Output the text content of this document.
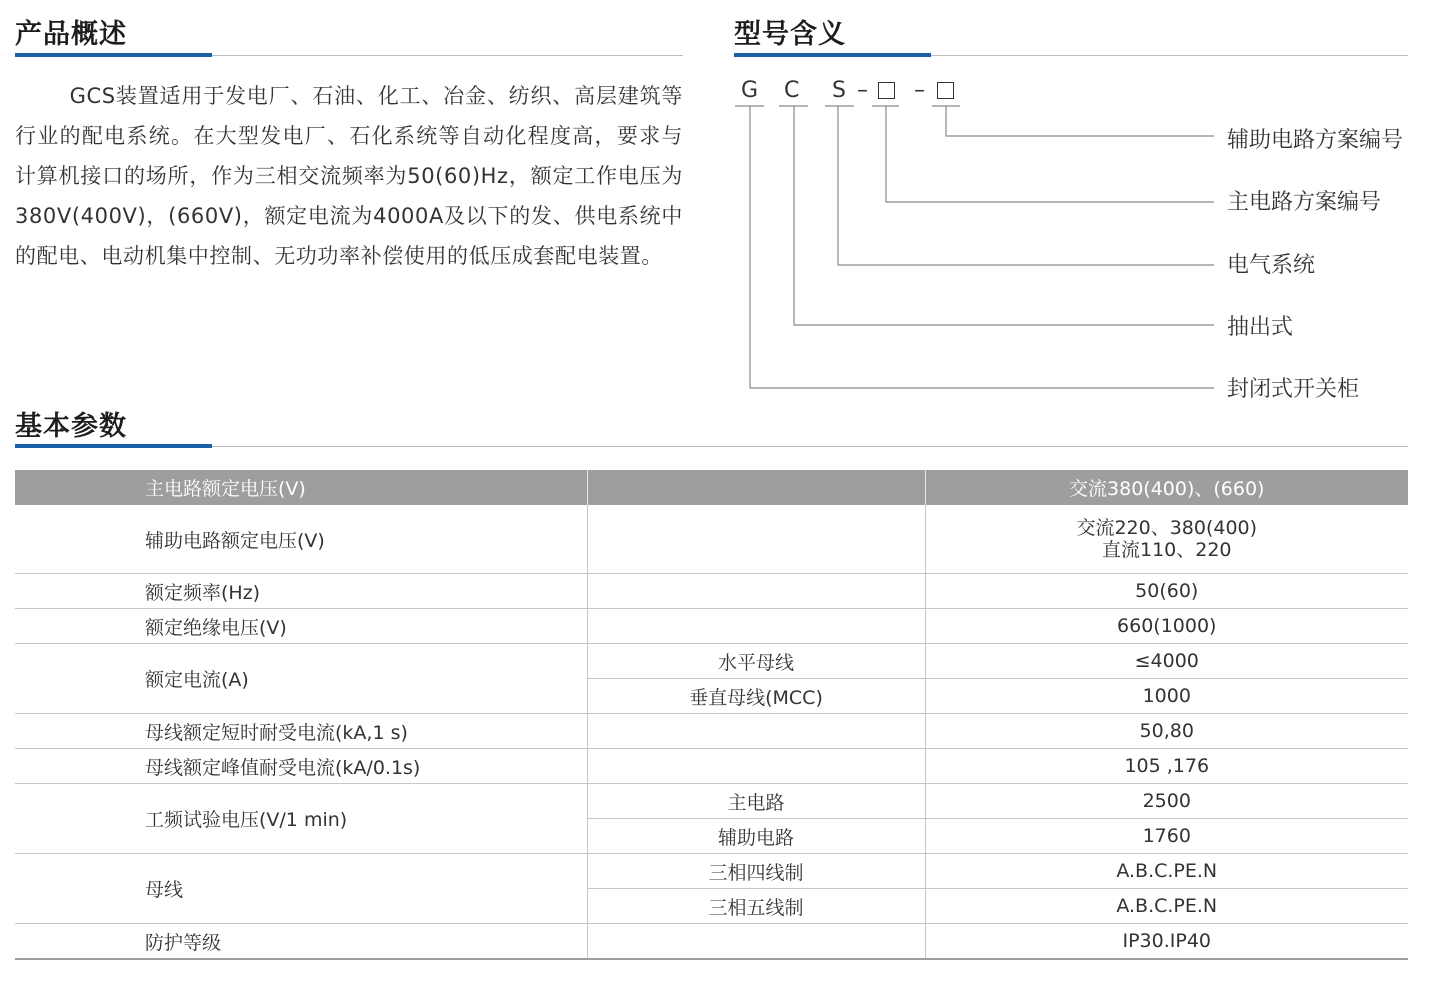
产品概述

GCS装置适用于发电厂、石油、化工、冶金、纺织、高层建筑等行业的配电系统。在大型发电厂、石化系统等自动化程度高，要求与计算机接口的场所，作为三相交流频率为50(60)Hz，额定工作电压为380V(400V)，(660V)，额定电流为4000A及以下的发、供电系统中的配电、电动机集中控制、无功功率补偿使用的低压成套配电装置。

型号含义
G C S – –
辅助电路方案编号
主电路方案编号
电气系统
抽出式
封闭式开关柜
基本参数
主电路额定电压(V)		交流380(400)、(660)
辅助电路额定电压(V)		交流220、380(400)
直流110、220

额定频率(Hz)		50(60)
额定绝缘电压(V)		660(1000)
额定电流(A)	水平母线	≤4000
	垂直母线(MCC)	1000
母线额定短时耐受电流(kA,1 s)		50,80
母线额定峰值耐受电流(kA/0.1s)		105 ,176
工频试验电压(V/1 min)	主电路	2500
	辅助电路	1760
母线	三相四线制	A.B.C.PE.N
	三相五线制	A.B.C.PE.N
防护等级		IP30.IP40
